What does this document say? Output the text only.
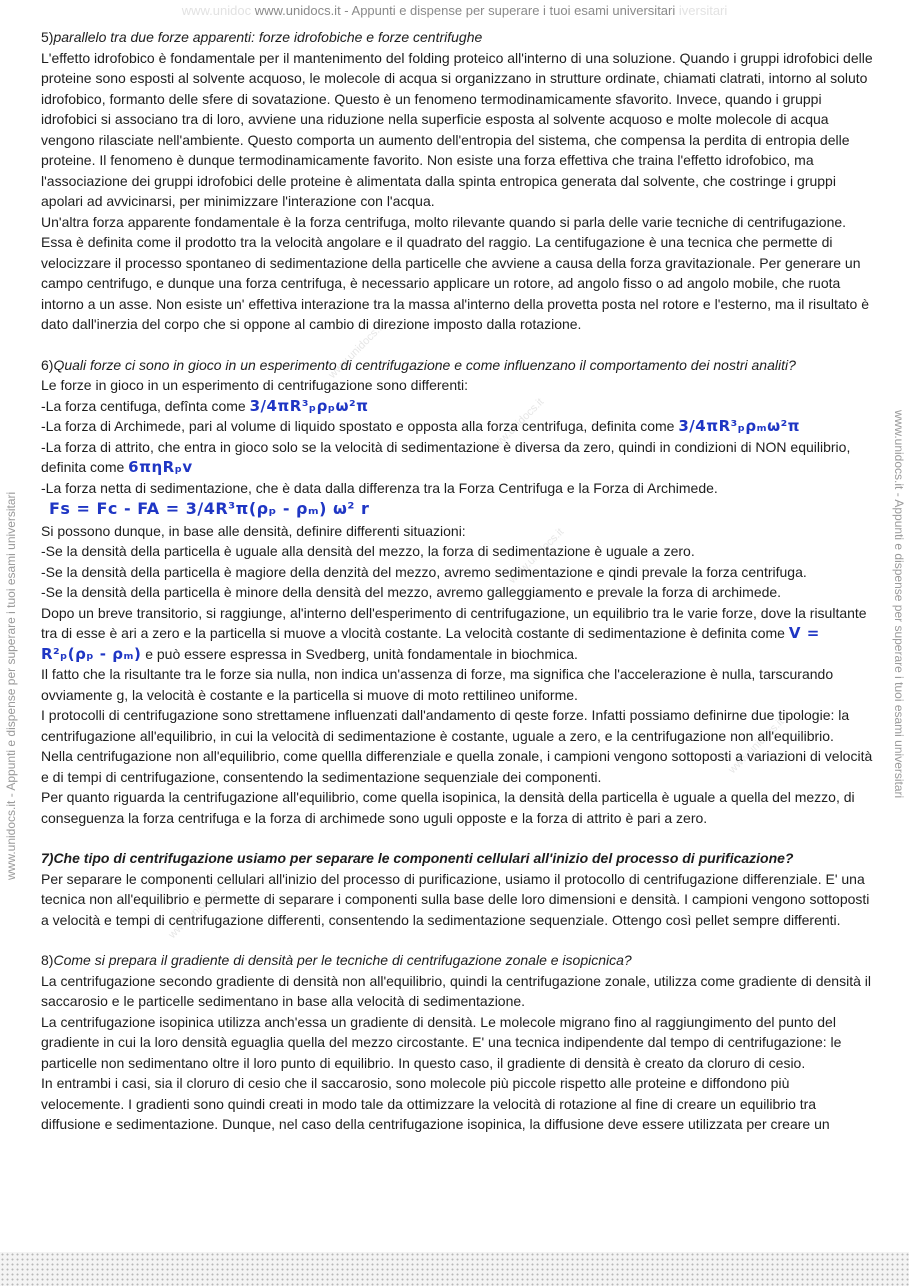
www.unidoc www.unidocs.it - Appunti e dispense per superare i tuoi esami universitari iversitari
www.unidocs.it - Appunti e dispense per superare i tuoi esami universitari	www.unidocs.it - Appunti e dispense per superare i tuoi esami universitari
www.unidocs.it
www.unidocs.it
www.unidocs.it
www.unidocs.it
www.unidocs.it

5)parallelo tra due forze apparenti: forze idrofobiche e forze centrifughe

L'effetto idrofobico è fondamentale per il mantenimento del folding proteico all'interno di una soluzione. Quando i gruppi idrofobici delle proteine sono esposti al solvente acquoso, le molecole di acqua si organizzano in strutture ordinate, chiamati clatrati, intorno al soluto idrofobico, formanto delle sfere di sovatazione. Questo è un fenomeno termodinamicamente sfavorito. Invece, quando i gruppi idrofobici si associano tra di loro, avviene una riduzione nella superficie esposta al solvente acquoso e molte molecole di acqua vengono rilasciate nell'ambiente. Questo comporta un aumento dell'entropia del sistema, che compensa la perdita di entropia delle proteine. Il fenomeno è dunque termodinamicamente favorito. Non esiste una forza effettiva che traina l'effetto idrofobico, ma l'associazione dei gruppi idrofobici delle proteine è alimentata dalla spinta entropica generata dal solvente, che costringe i gruppi apolari ad avvicinarsi, per minimizzare l'interazione con l'acqua.

Un'altra forza apparente fondamentale è la forza centrifuga, molto rilevante quando si parla delle varie tecniche di centrifugazione. Essa è definita come il prodotto tra la velocità angolare e il quadrato del raggio. La centifugazione è una tecnica che permette di velocizzare il processo spontaneo di sedimentazione della particelle che avviene a causa della forza gravitazionale. Per generare un campo centrifugo, e dunque una forza centrifuga, è necessario applicare un rotore, ad angolo fisso o ad angolo mobile, che ruota intorno a un asse. Non esiste un' effettiva interazione tra la massa al'interno della provetta posta nel rotore e l'esterno, ma il risultato è dato dall'inerzia del corpo che si oppone al cambio di direzione imposto dalla rotazione.

6)Quali forze ci sono in gioco in un esperimento di centrifugazione e come influenzano il comportamento dei nostri analiti?

Le forze in gioco in un esperimento di centrifugazione sono differenti:

-La forza centifuga, defînta come 3/4πR³ₚρₚω²π

-La forza di Archimede, pari al volume di liquido spostato e opposta alla forza centrifuga, definita come 3/4πR³ₚρₘω²π

-La forza di attrito, che entra in gioco solo se la velocità di sedimentazione è diversa da zero, quindi in condizioni di NON equilibrio, definita come 6πηRₚv

-La forza netta di sedimentazione, che è data dalla differenza tra la Forza Centrifuga e la Forza di Archimede.

Fs = Fc - FA = 3/4R³π(ρₚ - ρₘ) ω² r

Si possono dunque, in base alle densità, definire differenti situazioni:

-Se la densità della particella è uguale alla densità del mezzo, la forza di sedimentazione è uguale a zero.

-Se la densità della particella è magiore della denzità del mezzo, avremo sedimentazione e qindi prevale la forza centrifuga.

-Se la densità della particella è minore della densità del mezzo, avremo galleggiamento e prevale la forza di archimede.

Dopo un breve transitorio, si raggiunge, al'interno dell'esperimento di centrifugazione, un equilibrio tra le varie forze, dove la risultante tra di esse è ari a zero e la particella si muove a vlocità costante. La velocità costante di sedimentazione è definita come V = R²ₚ(ρₚ - ρₘ) e può essere espressa in Svedberg, unità fondamentale in biochmica.

Il fatto che la risultante tra le forze sia nulla, non indica un'assenza di forze, ma significa che l'accelerazione è nulla, tarscurando ovviamente g, la velocità è costante e la particella si muove di moto rettilineo uniforme.

I protocolli di centrifugazione sono strettamene influenzati dall'andamento di qeste forze. Infatti possiamo definirne due tipologie: la centrifugazione all'equilibrio, in cui la velocità di sedimentazione è costante, uguale a zero, e la centrifugazione non all'equilibrio.

Nella centrifugazione non all'equilibrio, come quellla differenziale e quella zonale, i campioni vengono sottoposti a variazioni di velocità e di tempi di centrifugazione, consentendo la sedimentazione sequenziale dei componenti.

Per quanto riguarda la centrifugazione all'equilibrio, come quella isopinica, la densità della particella è uguale a quella del mezzo, di conseguenza la forza centrifuga e la forza di archimede sono uguli opposte e la forza di attrito è pari a zero.

7)Che tipo di centrifugazione usiamo per separare le componenti cellulari all'inizio del processo di purificazione?

Per separare le componenti cellulari all'inizio del processo di purificazione, usiamo il protocollo di centrifugazione differenziale. E' una tecnica non all'equilibrio e permette di separare i componenti sulla base delle loro dimensioni e densità. I campioni vengono sottoposti a velocità e tempi di centrifugazione differenti, consentendo la sedimentazione sequenziale. Ottengo così pellet sempre differenti.

8)Come si prepara il gradiente di densità per le tecniche di centrifugazione zonale e isopicnica?

La centrifugazione secondo gradiente di densità non all'equilibrio, quindi la centrifugazione zonale, utilizza come gradiente di densità il saccarosio e le particelle sedimentano in base alla velocità di sedimentazione.

La centrifugazione isopinica utilizza anch'essa un gradiente di densità. Le molecole migrano fino al raggiungimento del punto del gradiente in cui la loro densità eguaglia quella del mezzo circostante. E' una tecnica indipendente dal tempo di centrifugazione: le particelle non sedimentano oltre il loro punto di equilibrio. In questo caso, il gradiente di densità è creato da cloruro di cesio.

In entrambi i casi, sia il cloruro di cesio che il saccarosio, sono molecole più piccole rispetto alle proteine e diffondono più velocemente. I gradienti sono quindi creati in modo tale da ottimizzare la velocità di rotazione al fine di creare un equilibrio tra diffusione e sedimentazione. Dunque, nel caso della centrifugazione isopinica, la diffusione deve essere utilizzata per creare un
